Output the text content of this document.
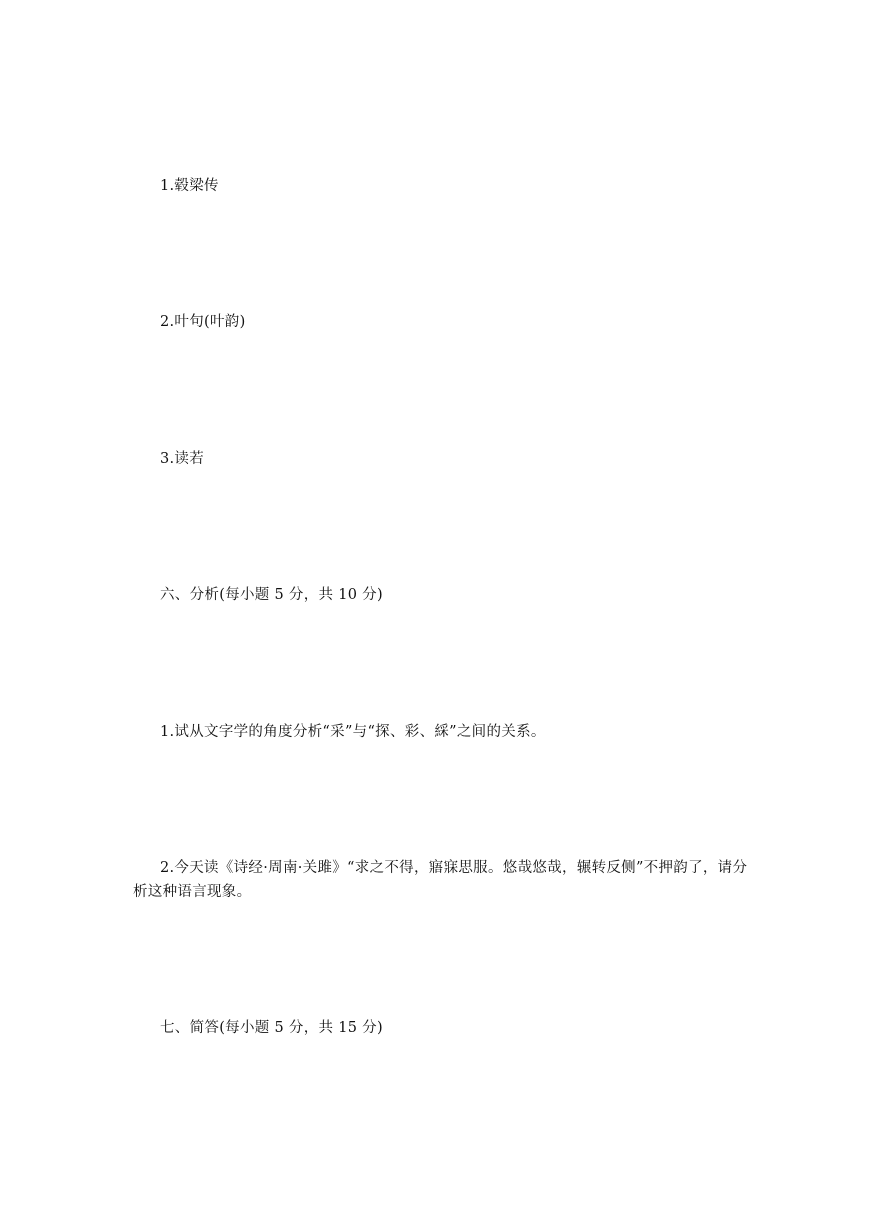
1.毂梁传
2.叶句(叶韵)
3.读若
六、分析(每小题 5 分，共 10 分)
1.试从文字学的角度分析“采”与“探、彩、綵”之间的关系。
2.今天读《诗经·周南·关雎》“求之不得，寤寐思服。悠哉悠哉，辗转反侧”不押韵了，请分析这种语言现象。
七、简答(每小题 5 分，共 15 分)
